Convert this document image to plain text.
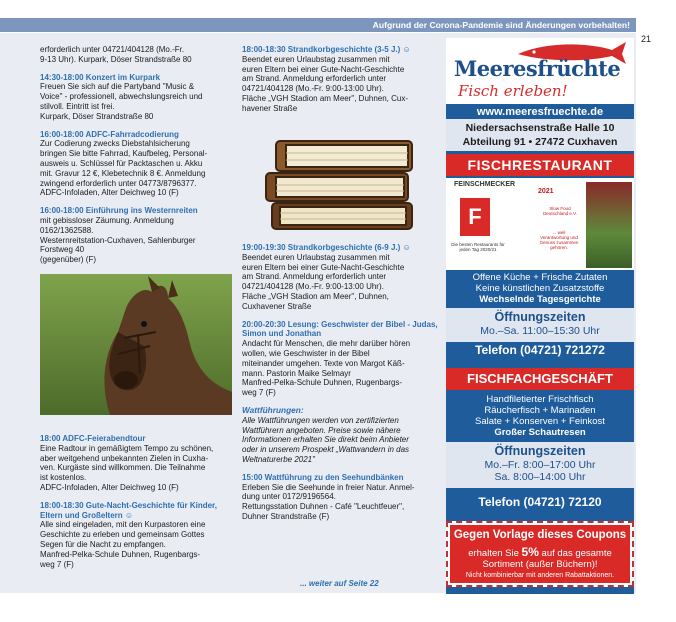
Aufgrund der Corona-Pandemie sind Änderungen vorbehalten!
21

erforderlich unter 04721/404128 (Mo.-Fr.

9-13 Uhr). Kurpark, Döser Strandstraße 80

14:30-18:00 Konzert im Kurpark

Freuen Sie sich auf die Partyband "Music &

Voice" - professionell, abwechslungsreich und

stilvoll. Eintritt ist frei.

Kurpark, Döser Strandstraße 80

16:00-18:00 ADFC-Fahrradcodierung

Zur Codierung zwecks Diebstahlsicherung

bringen Sie bitte Fahrrad, Kaufbeleg, Personal-

ausweis u. Schlüssel für Packtaschen u. Akku

mit. Gravur 12 €, Klebetechnik 8 €. Anmeldung

zwingend erforderlich unter 04773/8796377.

ADFC-Infoladen, Alter Deichweg 10 (F)

16:00-18:00 Einführung ins Westernreiten

mit gebissloser Zäumung. Anmeldung

0162/1362588.

Westernreitstation-Cuxhaven, Sahlenburger

Forstweg 40

(gegenüber) (F)

18:00 ADFC-Feierabendtour

Eine Radtour in gemäßigtem Tempo zu schönen,

aber weitgehend unbekannten Zielen in Cuxha-

ven. Kurgäste sind willkommen. Die Teilnahme

ist kostenlos.

ADFC-Infoladen, Alter Deichweg 10 (F)

18:00-18:30 Gute-Nacht-Geschichte für Kinder, Eltern und Großeltern ☺

Alle sind eingeladen, mit den Kurpastoren eine

Geschichte zu erleben und gemeinsam Gottes

Segen für die Nacht zu empfangen.

Manfred-Pelka-Schule Duhnen, Rugenbargs-

weg 7 (F)

18:00-18:30 Strandkorbgeschichte (3-5 J.) ☺

Beendet euren Urlaubstag zusammen mit

euren Eltern bei einer Gute-Nacht-Geschichte

am Strand. Anmeldung erforderlich unter

04721/404128 (Mo.-Fr. 9:00-13:00 Uhr).

Fläche „VGH Stadion am Meer", Duhnen, Cux-

havener Straße

19:00-19:30 Strandkorbgeschichte (6-9 J.) ☺

Beendet euren Urlaubstag zusammen mit

euren Eltern bei einer Gute-Nacht-Geschichte

am Strand. Anmeldung erforderlich unter

04721/404128 (Mo.-Fr. 9:00-13:00 Uhr).

Fläche „VGH Stadion am Meer", Duhnen,

Cuxhavener Straße

20:00-20:30 Lesung: Geschwister der Bibel - Judas, Simon und Jonathan

Andacht für Menschen, die mehr darüber hören

wollen, wie Geschwister in der Bibel

miteinander umgehen. Texte von Margot Käß-

mann. Pastorin Maike Selmayr

Manfred-Pelka-Schule Duhnen, Rugenbargs-

weg 7 (F)

Wattführungen:

Alle Wattführungen werden von zertifizierten

Wattführern angeboten. Preise sowie nähere

Informationen erhalten Sie direkt beim Anbieter

oder in unserem Prospekt „Wattwandern in das

Weltnaturerbe 2021"

15:00 Wattführung zu den Seehundbänken

Erleben Sie die Seehunde in freier Natur. Anmel-

dung unter 0172/9196564.

Rettungsstation Duhnen - Café "Leuchtfeuer",

Duhner Strandstraße (F)

... weiter auf Seite 22
Meeresfrüchte
Fisch erleben!
www.meeresfruechte.de
Niedersachsenstraße Halle 10
Abteilung 91 • 27472 Cuxhaven
FISCHRESTAURANT
FEINSCHMECKER
F
Die besten Restaurants für jeden Tag 2020/21
2021
Slow Food Deutschland e.V.
... weil Verantwortung und Genuss zusammen gehören.
Offene Küche + Frische Zutaten
Keine künstlichen Zusatzstoffe
Wechselnde Tagesgerichte
Öffnungszeiten
Mo.–Sa. 11:00–15:30 Uhr
Telefon (04721) 721272
FISCHFACHGESCHÄFT
Handfiletierter Frischfisch
Räucherfisch + Marinaden
Salate + Konserven + Feinkost
Großer Schautresen
Öffnungszeiten
Mo.–Fr. 8:00–17:00 Uhr
Sa. 8:00–14:00 Uhr
Telefon (04721) 72120
Gegen Vorlage dieses Coupons
erhalten Sie 5% auf das gesamte
Sortiment (außer Büchern)!
Nicht kombinierbar mit anderen Rabattaktionen.
